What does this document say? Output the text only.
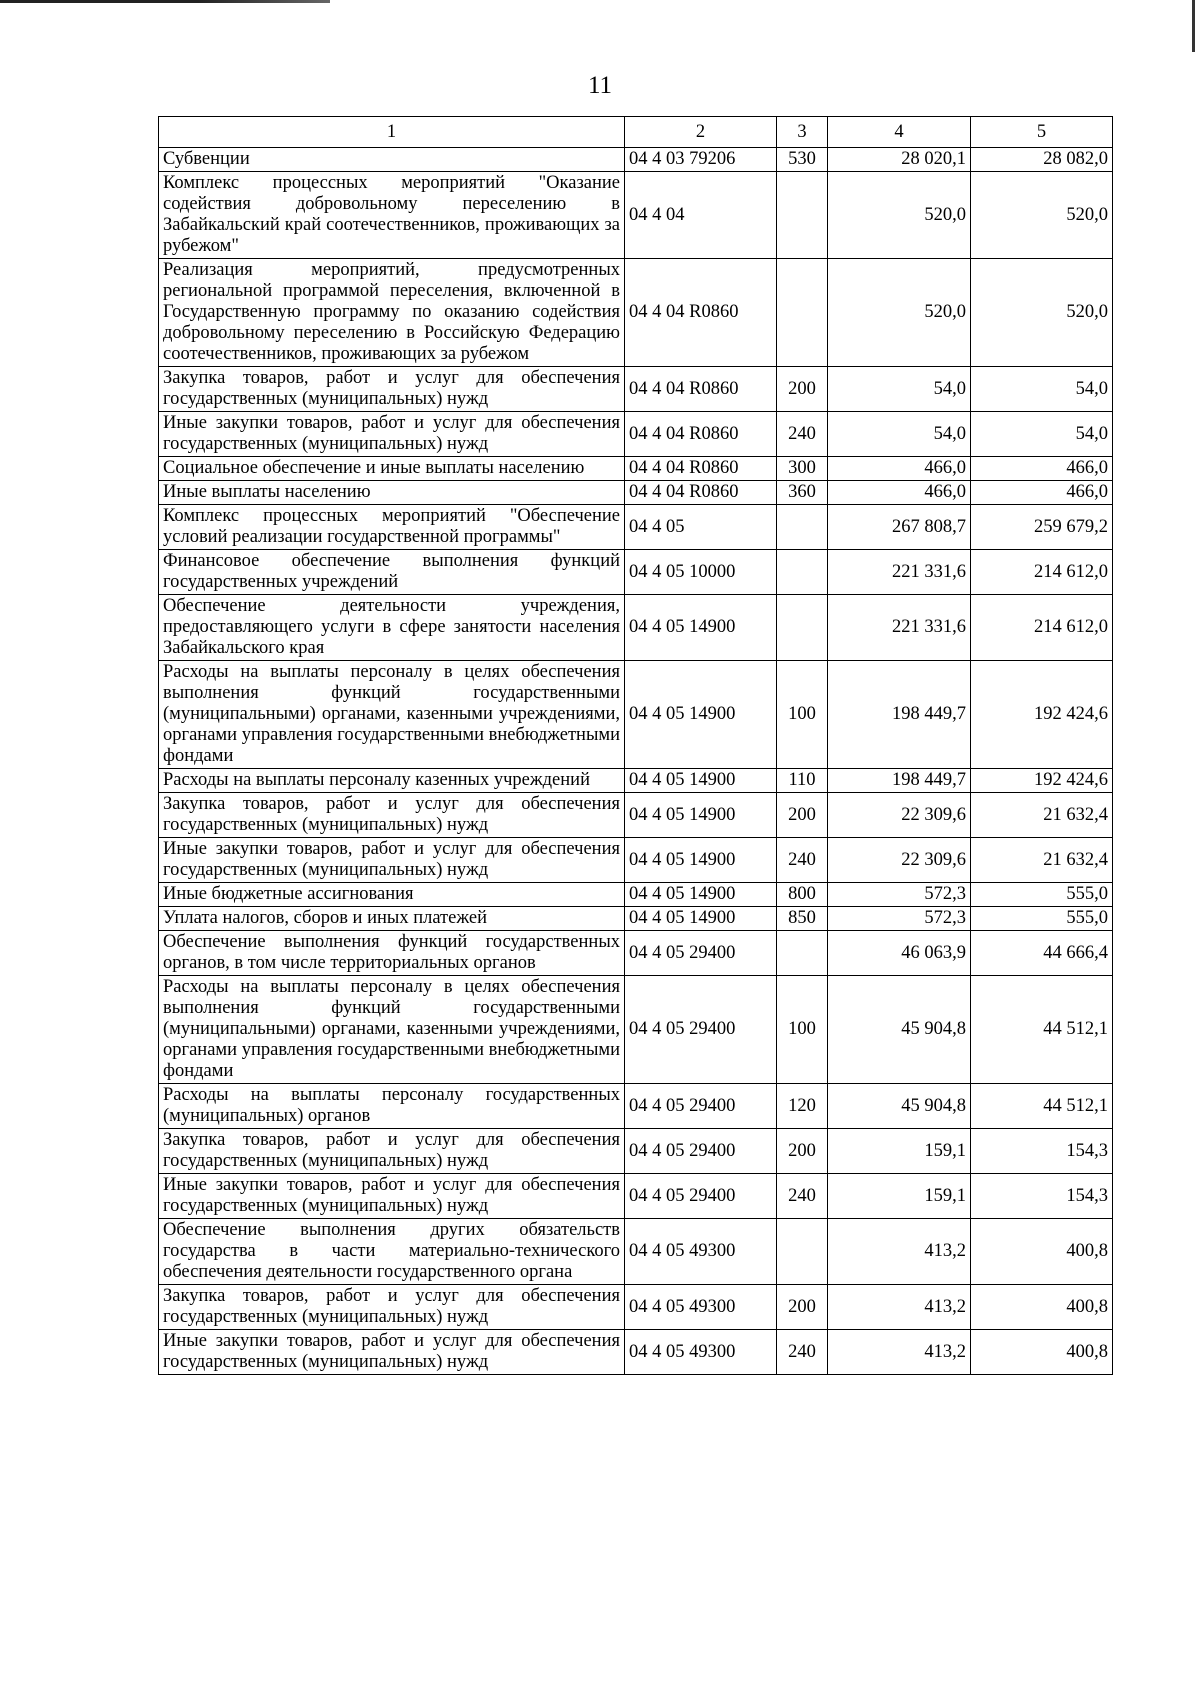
11
1	2	3	4	5
Субвенции	04 4 03 79206	530	28 020,1	28 082,0
Комплекс процессных мероприятий "Оказание содействия добровольному переселению в Забайкальский край соотечественников, проживающих за рубежом"	04 4 04		520,0	520,0
Реализация мероприятий, предусмотренных региональной программой переселения, включенной в Государственную программу по оказанию содействия добровольному переселению в Российскую Федерацию соотечественников, проживающих за рубежом	04 4 04 R0860		520,0	520,0
Закупка товаров, работ и услуг для обеспечения государственных (муниципальных) нужд	04 4 04 R0860	200	54,0	54,0
Иные закупки товаров, работ и услуг для обеспечения государственных (муниципальных) нужд	04 4 04 R0860	240	54,0	54,0
Социальное обеспечение и иные выплаты населению	04 4 04 R0860	300	466,0	466,0
Иные выплаты населению	04 4 04 R0860	360	466,0	466,0
Комплекс процессных мероприятий "Обеспечение условий реализации государственной программы"	04 4 05		267 808,7	259 679,2
Финансовое обеспечение выполнения функций государственных учреждений	04 4 05 10000		221 331,6	214 612,0
Обеспечение деятельности учреждения, предоставляющего услуги в сфере занятости населения Забайкальского края	04 4 05 14900		221 331,6	214 612,0
Расходы на выплаты персоналу в целях обеспечения выполнения функций государственными (муниципальными) органами, казенными учреждениями, органами управления государственными внебюджетными фондами	04 4 05 14900	100	198 449,7	192 424,6
Расходы на выплаты персоналу казенных учреждений	04 4 05 14900	110	198 449,7	192 424,6
Закупка товаров, работ и услуг для обеспечения государственных (муниципальных) нужд	04 4 05 14900	200	22 309,6	21 632,4
Иные закупки товаров, работ и услуг для обеспечения государственных (муниципальных) нужд	04 4 05 14900	240	22 309,6	21 632,4
Иные бюджетные ассигнования	04 4 05 14900	800	572,3	555,0
Уплата налогов, сборов и иных платежей	04 4 05 14900	850	572,3	555,0
Обеспечение выполнения функций государственных органов, в том числе территориальных органов	04 4 05 29400		46 063,9	44 666,4
Расходы на выплаты персоналу в целях обеспечения выполнения функций государственными (муниципальными) органами, казенными учреждениями, органами управления государственными внебюджетными фондами	04 4 05 29400	100	45 904,8	44 512,1
Расходы на выплаты персоналу государственных (муниципальных) органов	04 4 05 29400	120	45 904,8	44 512,1
Закупка товаров, работ и услуг для обеспечения государственных (муниципальных) нужд	04 4 05 29400	200	159,1	154,3
Иные закупки товаров, работ и услуг для обеспечения государственных (муниципальных) нужд	04 4 05 29400	240	159,1	154,3
Обеспечение выполнения других обязательств государства в части материально-технического обеспечения деятельности государственного органа	04 4 05 49300		413,2	400,8
Закупка товаров, работ и услуг для обеспечения государственных (муниципальных) нужд	04 4 05 49300	200	413,2	400,8
Иные закупки товаров, работ и услуг для обеспечения государственных (муниципальных) нужд	04 4 05 49300	240	413,2	400,8
